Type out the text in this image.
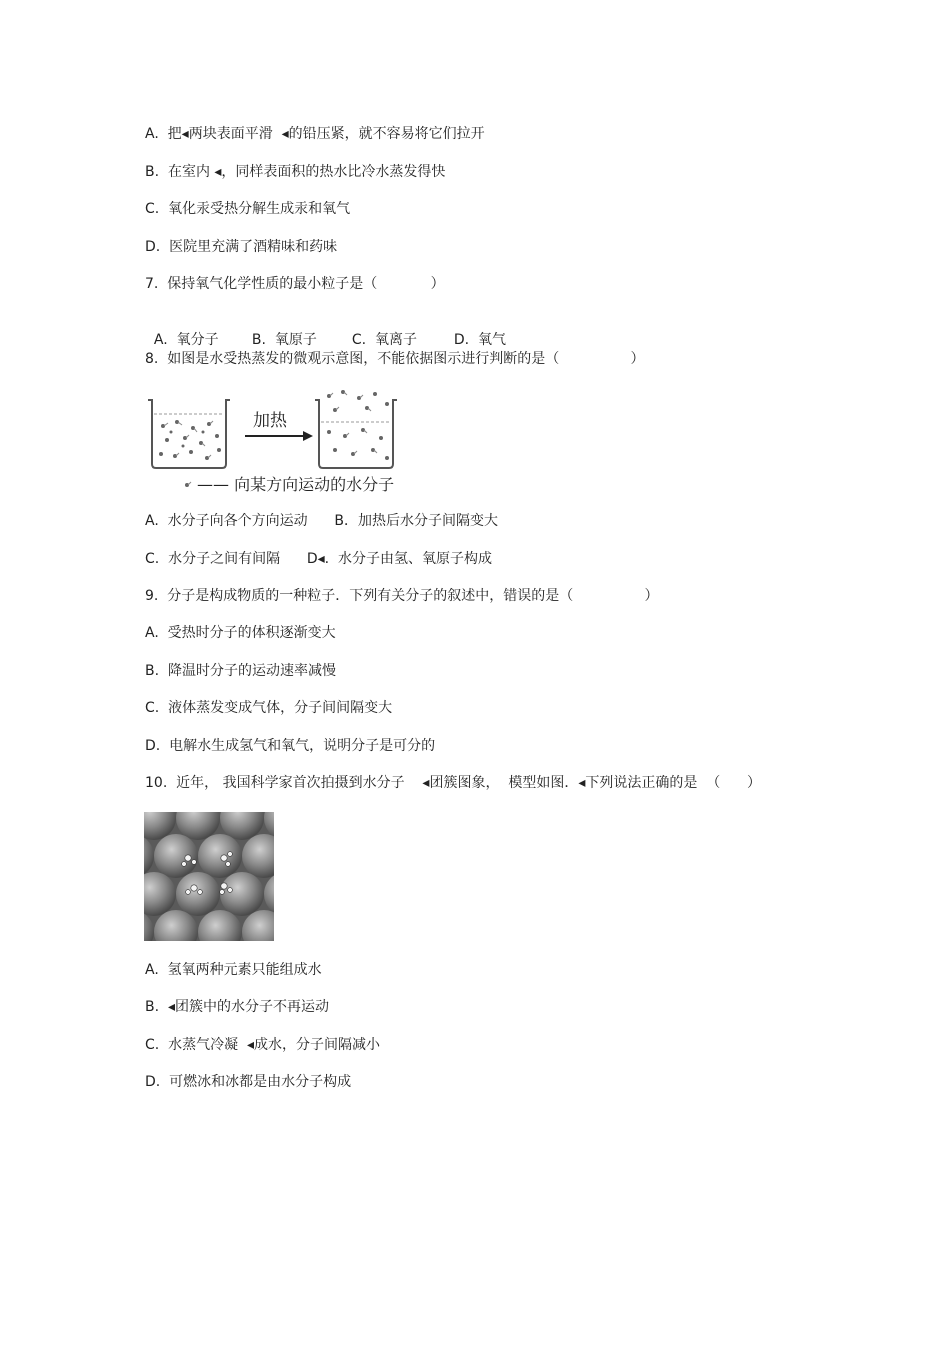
A.  把◂两块表面平滑  ◂的铅压紧，就不容易将它们拉开
B.  在室内 ◂，同样表面积的热水比冷水蒸发得快
C.  氧化汞受热分解生成汞和氧气
D.  医院里充满了酒精味和药味
7.  保持氧气化学性质的最小粒子是（            ）

A.  氧分子 B.  氧原子	C.  氧离子	D.  氧气

8.  如图是水受热蒸发的微观示意图，不能依据图示进行判断的是（                ）
加热
—— 向某方向运动的水分子
A.  水分子向各个方向运动      B．加热后水分子间隔变大
C.  水分子之间有间隔      D◂.  水分子由氢、氧原子构成
9.  分子是构成物质的一种粒子．下列有关分子的叙述中，错误的是（                ）
A.  受热时分子的体积逐渐变大
B.  降温时分子的运动速率减慢
C.  液体蒸发变成气体，分子间间隔变大
D.  电解水生成氢气和氧气，说明分子是可分的
10.  近年， 我国科学家首次拍摄到水分子    ◂团簇图象，  模型如图．◂下列说法正确的是  （      ）
A.  氢氧两种元素只能组成水
B.  ◂团簇中的水分子不再运动
C.  水蒸气冷凝  ◂成水，分子间隔减小
D.  可燃冰和冰都是由水分子构成
